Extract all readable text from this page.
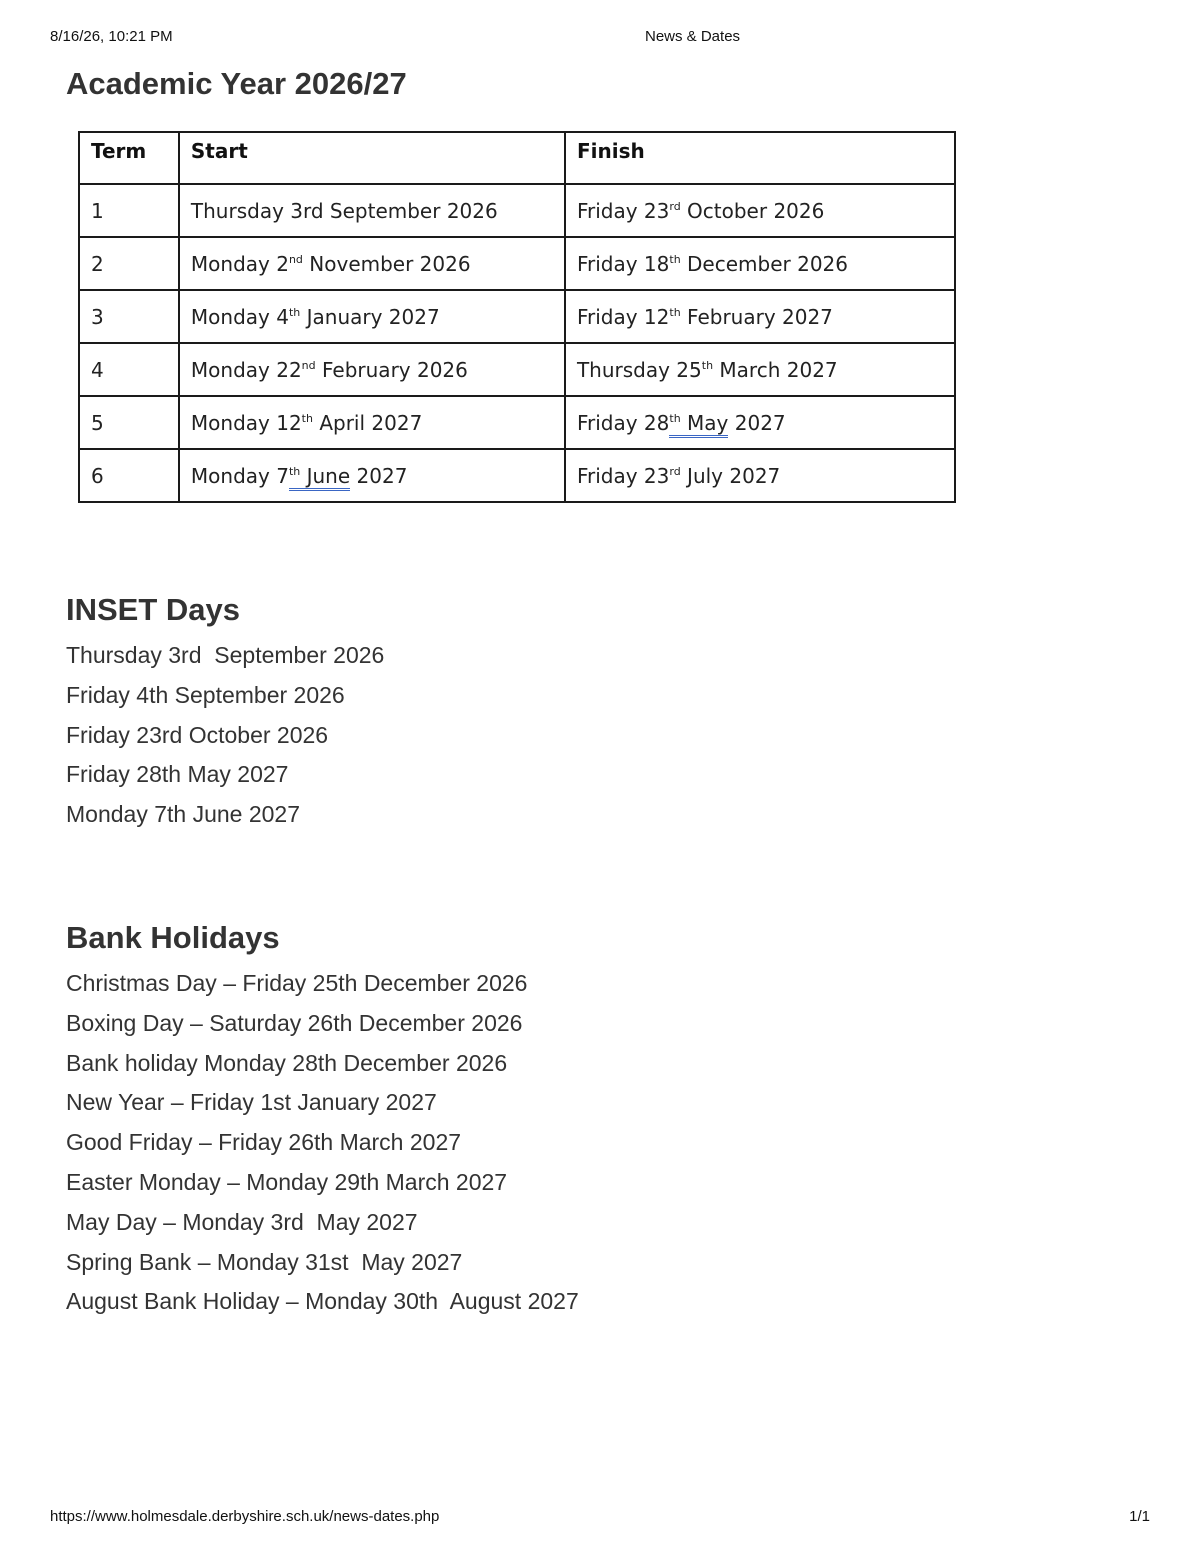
8/16/26, 10:21 PM	News & Dates
Academic Year 2026/27
Term	Start	Finish
1	Thursday 3rd September 2026	Friday 23rd October 2026
2	Monday 2nd November 2026	Friday 18th December 2026
3	Monday 4th January 2027	Friday 12th February 2027
4	Monday 22nd February 2026	Thursday 25th March 2027
5	Monday 12th April 2027	Friday 28th May 2027
6	Monday 7th June 2027	Friday 23rd July 2027
INSET Days
Thursday 3rd  September 2026
Friday 4th September 2026
Friday 23rd October 2026
Friday 28th May 2027
Monday 7th June 2027
Bank Holidays
Christmas Day – Friday 25th December 2026
Boxing Day – Saturday 26th December 2026
Bank holiday Monday 28th December 2026
New Year – Friday 1st January 2027
Good Friday – Friday 26th March 2027
Easter Monday – Monday 29th March 2027
May Day – Monday 3rd  May 2027
Spring Bank – Monday 31st  May 2027
August Bank Holiday – Monday 30th  August 2027
https://www.holmesdale.derbyshire.sch.uk/news-dates.php	1/1
